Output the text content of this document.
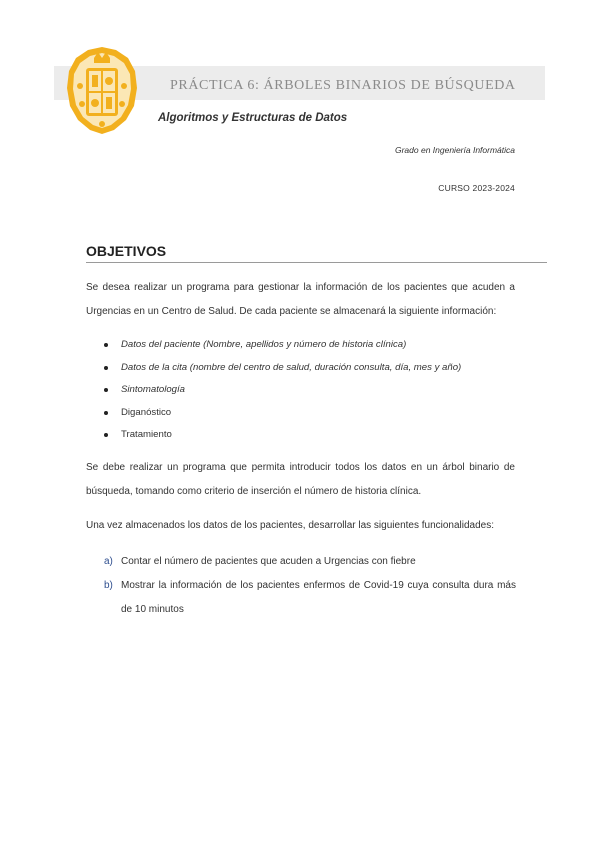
PRÁCTICA 6: ÁRBOLES BINARIOS DE BÚSQUEDA
Algoritmos y Estructuras de Datos
Grado en Ingeniería Informática
CURSO 2023-2024
OBJETIVOS
Se desea realizar un programa para gestionar la información de los pacientes que acuden a Urgencias en un Centro de Salud. De cada paciente se almacenará la siguiente información:
Datos del paciente (Nombre, apellidos y número de historia clínica)
Datos de la cita (nombre del centro de salud, duración consulta, día, mes y año)
Sintomatología
Diganóstico
Tratamiento
Se debe realizar un programa que permita introducir todos los datos en un árbol binario de búsqueda, tomando como criterio de inserción el número de historia clínica.
Una vez almacenados los datos de los pacientes, desarrollar las siguientes funcionalidades:
a) Contar el número de pacientes que acuden a Urgencias con fiebre
b) Mostrar la información de los pacientes enfermos de Covid-19 cuya consulta dura más de 10 minutos
